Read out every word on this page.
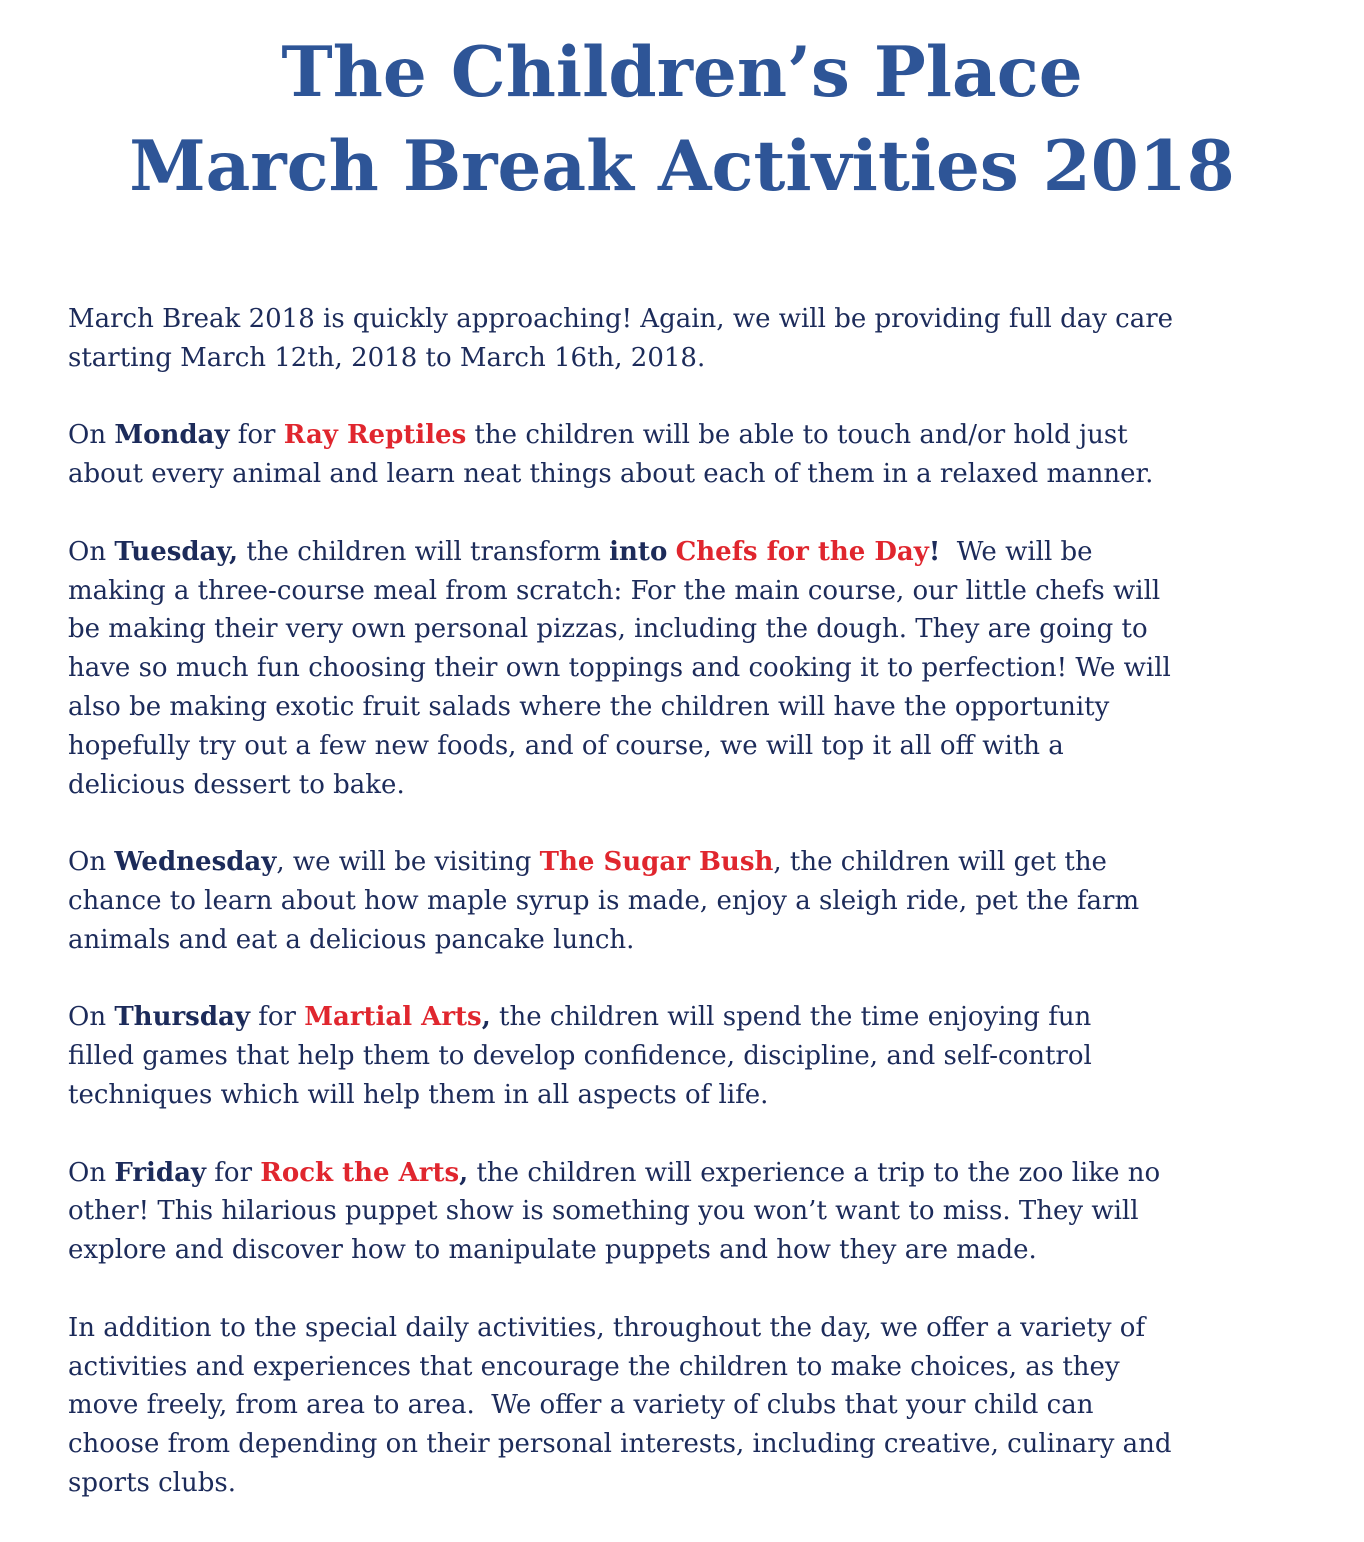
The Children’s Place
March Break Activities 2018

March Break 2018 is quickly approaching! Again, we will be providing full day care
starting March 12th, 2018 to March 16th, 2018.

On Monday for Ray Reptiles the children will be able to touch and/or hold just
about every animal and learn neat things about each of them in a relaxed manner.

On Tuesday, the children will transform into Chefs for the Day!  We will be
making a three-course meal from scratch: For the main course, our little chefs will
be making their very own personal pizzas, including the dough. They are going to
have so much fun choosing their own toppings and cooking it to perfection! We will
also be making exotic fruit salads where the children will have the opportunity
hopefully try out a few new foods, and of course, we will top it all off with a
delicious dessert to bake.

On Wednesday, we will be visiting The Sugar Bush, the children will get the
chance to learn about how maple syrup is made, enjoy a sleigh ride, pet the farm
animals and eat a delicious pancake lunch.

On Thursday for Martial Arts, the children will spend the time enjoying fun
filled games that help them to develop confidence, discipline, and self-control
techniques which will help them in all aspects of life.

On Friday for Rock the Arts, the children will experience a trip to the zoo like no
other! This hilarious puppet show is something you won’t want to miss. They will
explore and discover how to manipulate puppets and how they are made.

In addition to the special daily activities, throughout the day, we offer a variety of
activities and experiences that encourage the children to make choices, as they
move freely, from area to area.  We offer a variety of clubs that your child can
choose from depending on their personal interests, including creative, culinary and
sports clubs.
